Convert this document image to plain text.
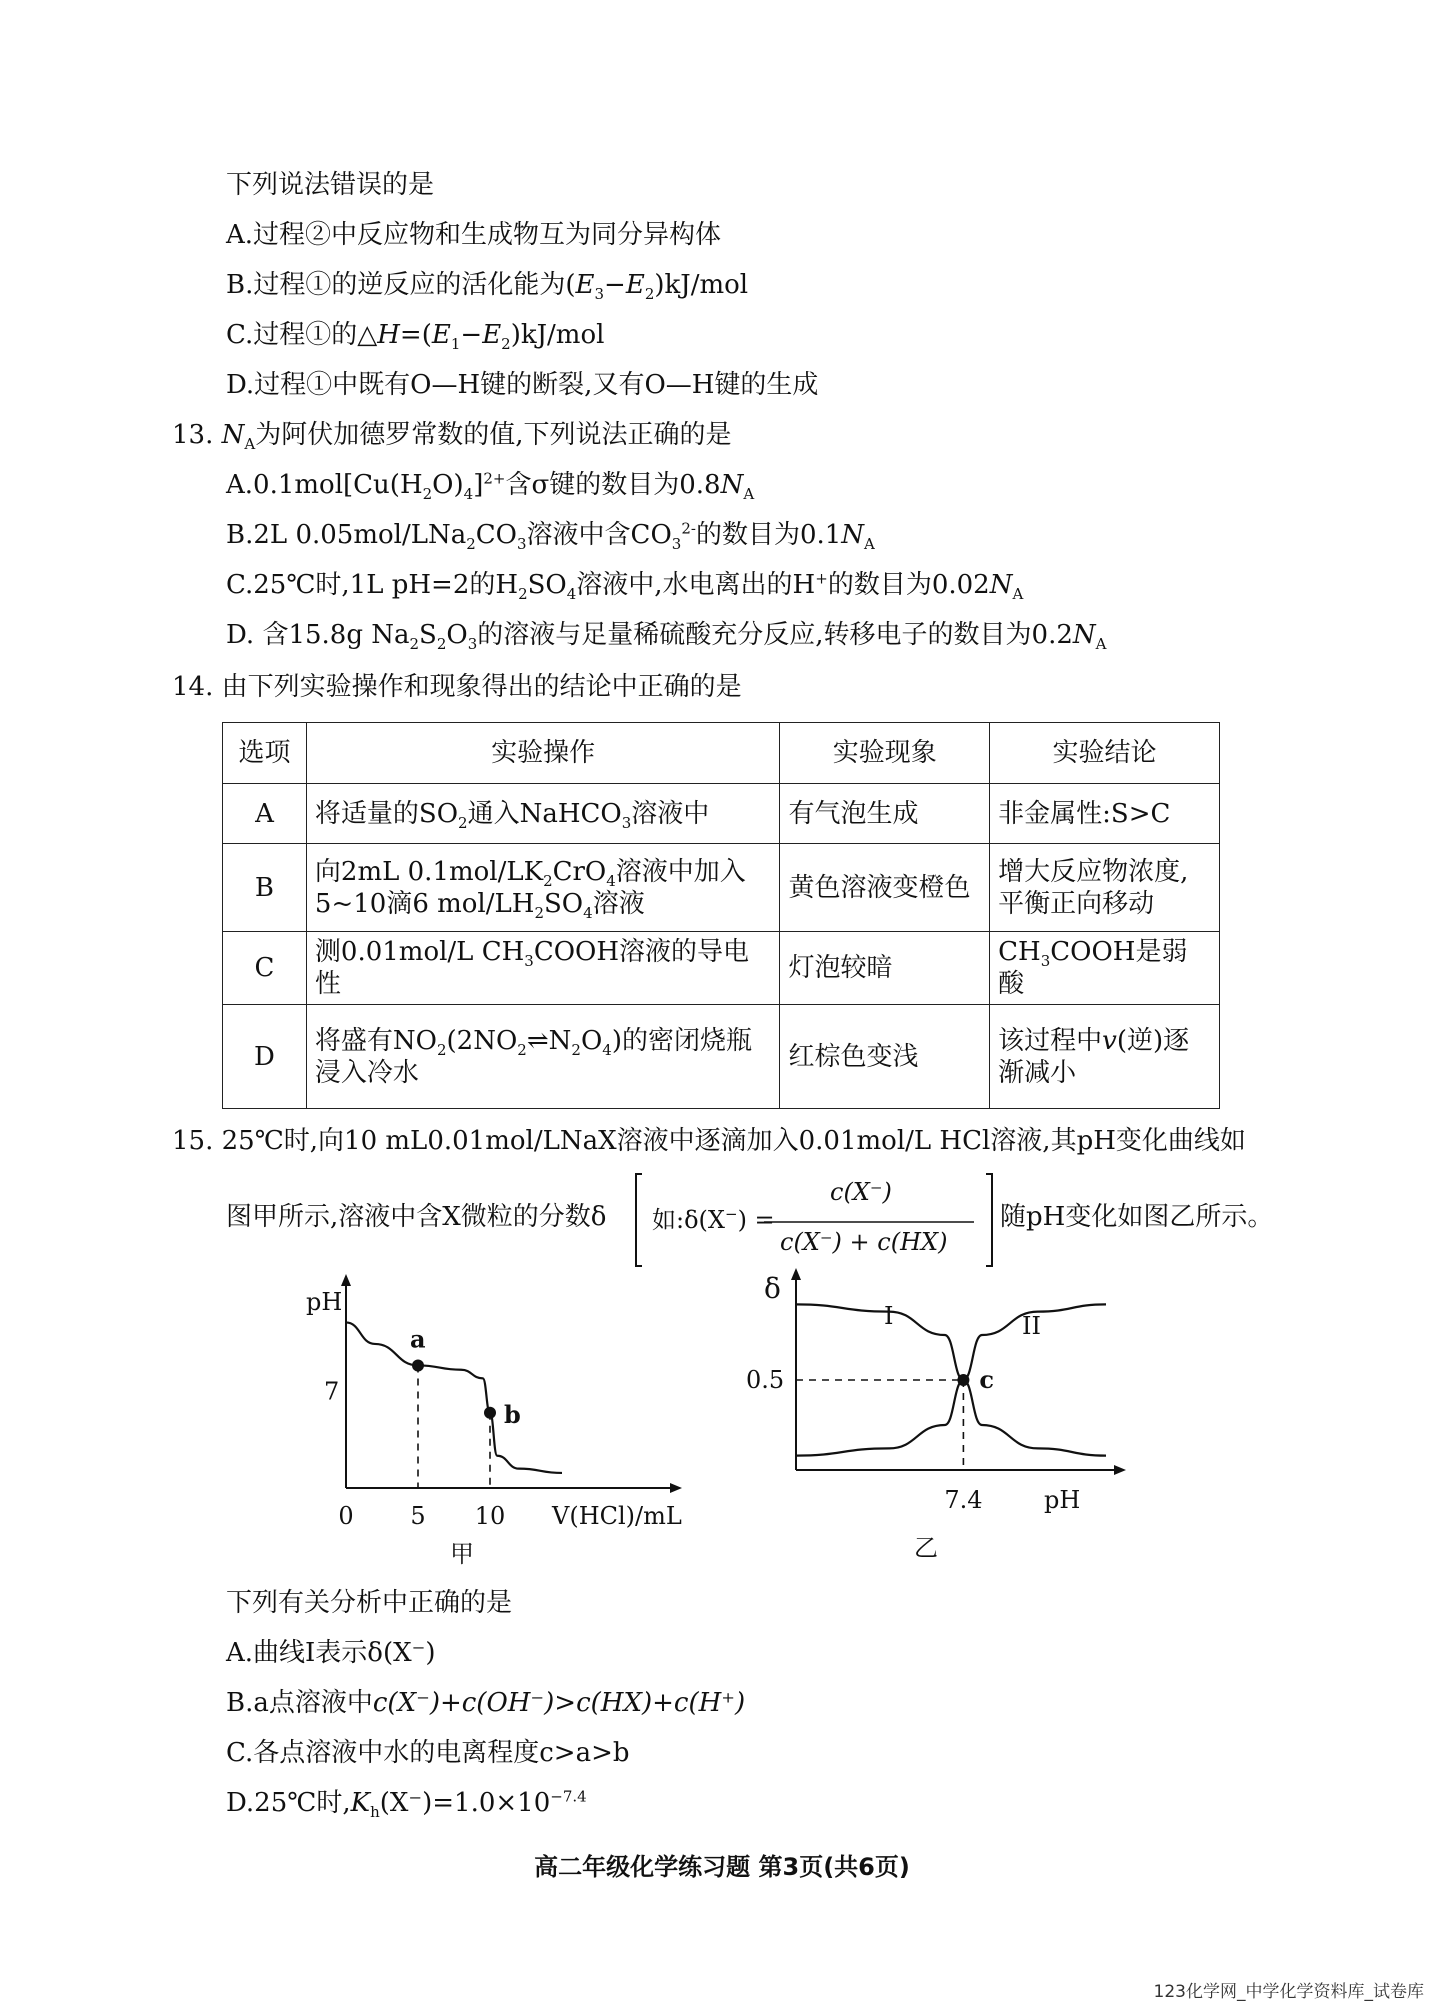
下列说法错误的是
A.过程②中反应物和生成物互为同分异构体
B.过程①的逆反应的活化能为$(E_3-E_2)kJ$/mol
C.过程①的$\triangle H=(E_1-E_2)kJ$/mol
D.过程①中既有O—H键的断裂,又有O—H键的生成
13. $N_A$为阿伏加德罗常数的值,下列说法正确的是
$A.0.1mol[Cu(H_2O)_4]^{2+}$含σ键的数目为$0.8N_A$
B.2L $0.05mol/LNa_2CO_3$溶液中含$CO_3^{2-}$的数目为$0.1N_A$
C.25℃时,1L pH=2的$H_2SO_4$溶液中,水电离出的H+的数目为$0.02N_A$
D. 含15.8g $Na_2S_2O_3$的溶液与足量稀硫酸充分反应,转移电子的数目为$0.2N_A$
14. 由下列实验操作和现象得出的结论中正确的是
选项	实验操作	实验现象	实验结论
A	将适量的$SO_2$通入NaHCO$_3$溶液中	有气泡生成	非金属性:S>C
B	向2mL $0.1mol/LK_2CrO_4$溶液中加入5~10滴6 mol/$LH_2SO_4$溶液	黄色溶液变橙色	增大反应物浓度,平衡正向移动
C	测0.01mol/L $CH_3COOH$溶液的导电性	灯泡较暗	$CH_3COOH$是弱酸
D	将盛有$NO_2(2NO_2\rightleftharpoons N_2O_4)$的密闭烧瓶浸入冷水	红棕色变浅	该过程中v(逆)逐渐减小
15. 25℃时,向10 mL0.01mol/LNaX溶液中逐滴加入0.01mol/L HCl溶液,其pH变化曲线如
图甲所示,溶液中含X微粒的分数δ 如:δ(X−) =
c(X⁻)
c(X⁻) + c(HX)
随pH变化如图乙所示。
pH
7
a
b
0 5 10 V(HCl)/mL
甲
δ
0.5	c
I	II
7.4	pH
乙
下列有关分析中正确的是
A.曲线Ⅰ表示δ(X⁻)
B.a点溶液中c(X⁻)+c(OH⁻)>c(HX)+c(H⁺)
C.各点溶液中水的电离程度c>a>b
D.25℃时$,K_h(X^-)=1.0\times 10^{-7.4}$
高二年级化学练习题 第3页(共6页)
123化学网_中学化学资料库_试卷库
